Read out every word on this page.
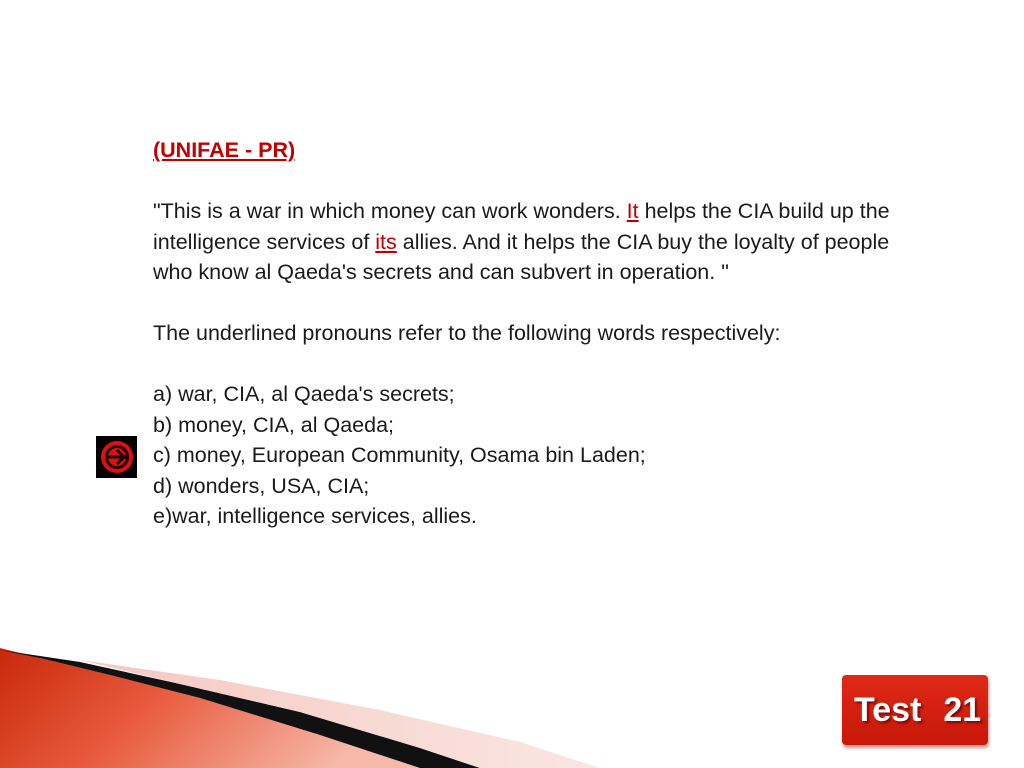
(UNIFAE - PR)
"This is a war in which money can work wonders. It helps the CIA build up the intelligence services of its allies. And it helps the CIA buy the loyalty of people who know al Qaeda's secrets and can subvert in operation. "
The underlined pronouns refer to the following words respectively:
a) war, CIA, al Qaeda's secrets;
b) money, CIA, al Qaeda;
c) money, European Community, Osama bin Laden;
d) wonders, USA, CIA;
e)war, intelligence services, allies.
Test 21
